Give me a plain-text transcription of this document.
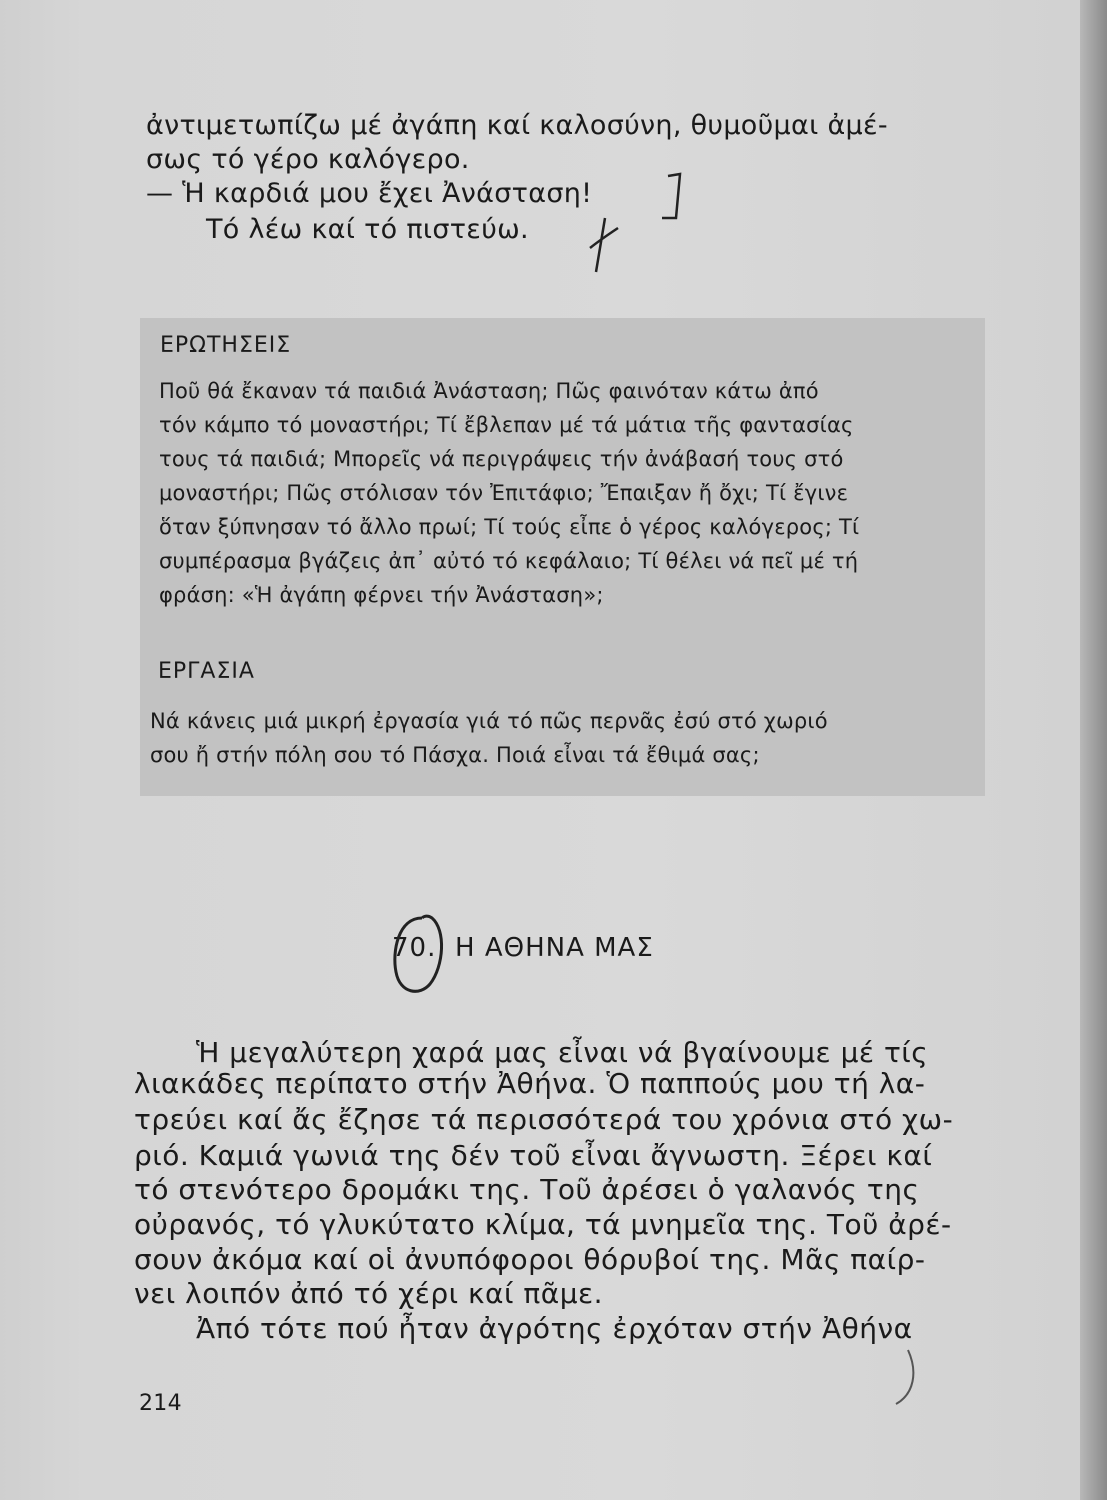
ἀντιμετωπίζω μέ ἀγάπη καί καλοσύνη, θυμοῦμαι ἀμέ-
σως τό γέρο καλόγερο.
— Ἡ καρδιά μου ἔχει Ἀνάσταση!
Τό λέω καί τό πιστεύω.
ΕΡΩΤΗΣΕΙΣ
Ποῦ θά ἔκαναν τά παιδιά Ἀνάσταση; Πῶς φαινόταν κάτω ἀπό
τόν κάμπο τό μοναστήρι; Τί ἔβλεπαν μέ τά μάτια τῆς φαντασίας
τους τά παιδιά; Μπορεῖς νά περιγράψεις τήν ἀνάβασή τους στό
μοναστήρι; Πῶς στόλισαν τόν Ἐπιτάφιο; Ἔπαιξαν ἤ ὄχι; Τί ἔγινε
ὅταν ξύπνησαν τό ἄλλο πρωί; Τί τούς εἶπε ὁ γέρος καλόγερος; Τί
συμπέρασμα βγάζεις ἀπ᾽ αὐτό τό κεφάλαιο; Τί θέλει νά πεῖ μέ τή
φράση: «Ἡ ἀγάπη φέρνει τήν Ἀνάσταση»;
ΕΡΓΑΣΙΑ
Νά κάνεις μιά μικρή ἐργασία γιά τό πῶς περνᾶς ἐσύ στό χωριό
σου ἤ στήν πόλη σου τό Πάσχα. Ποιά εἶναι τά ἔθιμά σας;
70. Η ΑΘΗΝΑ ΜΑΣ
Ἡ μεγαλύτερη χαρά μας εἶναι νά βγαίνουμε μέ τίς
λιακάδες περίπατο στήν Ἀθήνα. Ὁ παππούς μου τή λα-
τρεύει καί ἄς ἔζησε τά περισσότερά του χρόνια στό χω-
ριό. Καμιά γωνιά της δέν τοῦ εἶναι ἄγνωστη. Ξέρει καί
τό στενότερο δρομάκι της. Τοῦ ἀρέσει ὁ γαλανός της
οὐρανός, τό γλυκύτατο κλίμα, τά μνημεῖα της. Τοῦ ἀρέ-
σουν ἀκόμα καί οἱ ἀνυπόφοροι θόρυβοί της. Μᾶς παίρ-
νει λοιπόν ἀπό τό χέρι καί πᾶμε.
Ἀπό τότε πού ἦταν ἀγρότης ἐρχόταν στήν Ἀθήνα
214
